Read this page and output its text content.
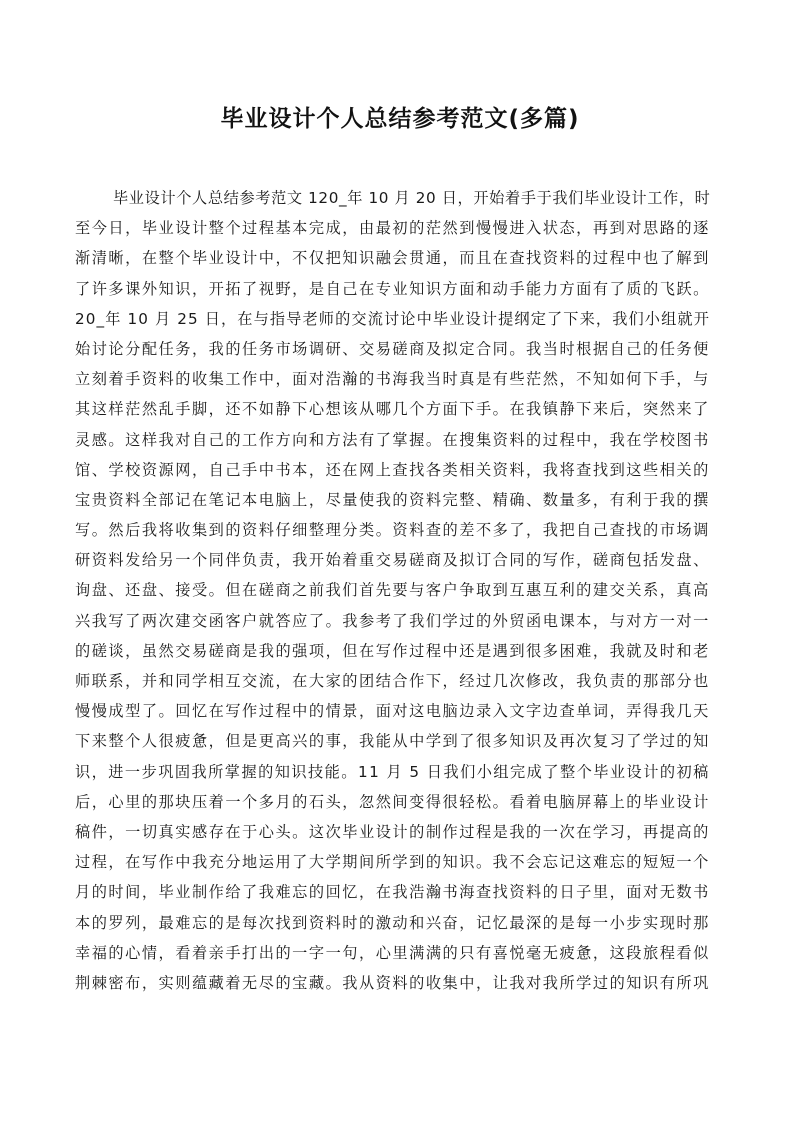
毕业设计个人总结参考范文(多篇)
毕业设计个人总结参考范文 120_年 10 月 20 日，开始着手于我们毕业设计工作，时
至今日，毕业设计整个过程基本完成，由最初的茫然到慢慢进入状态，再到对思路的逐
渐清晰，在整个毕业设计中，不仅把知识融会贯通，而且在查找资料的过程中也了解到
了许多课外知识，开拓了视野，是自己在专业知识方面和动手能力方面有了质的飞跃。
20_年 10 月 25 日，在与指导老师的交流讨论中毕业设计提纲定了下来，我们小组就开
始讨论分配任务，我的任务市场调研、交易磋商及拟定合同。我当时根据自己的任务便
立刻着手资料的收集工作中，面对浩瀚的书海我当时真是有些茫然，不知如何下手，与
其这样茫然乱手脚，还不如静下心想该从哪几个方面下手。在我镇静下来后，突然来了
灵感。这样我对自己的工作方向和方法有了掌握。在搜集资料的过程中，我在学校图书
馆、学校资源网，自己手中书本，还在网上查找各类相关资料，我将查找到这些相关的
宝贵资料全部记在笔记本电脑上，尽量使我的资料完整、精确、数量多，有利于我的撰
写。然后我将收集到的资料仔细整理分类。资料查的差不多了，我把自己查找的市场调
研资料发给另一个同伴负责，我开始着重交易磋商及拟订合同的写作，磋商包括发盘、
询盘、还盘、接受。但在磋商之前我们首先要与客户争取到互惠互利的建交关系，真高
兴我写了两次建交函客户就答应了。我参考了我们学过的外贸函电课本，与对方一对一
的磋谈，虽然交易磋商是我的强项，但在写作过程中还是遇到很多困难，我就及时和老
师联系，并和同学相互交流，在大家的团结合作下，经过几次修改，我负责的那部分也
慢慢成型了。回忆在写作过程中的情景，面对这电脑边录入文字边查单词，弄得我几天
下来整个人很疲惫，但是更高兴的事，我能从中学到了很多知识及再次复习了学过的知
识，进一步巩固我所掌握的知识技能。11 月 5 日我们小组完成了整个毕业设计的初稿
后，心里的那块压着一个多月的石头，忽然间变得很轻松。看着电脑屏幕上的毕业设计
稿件，一切真实感存在于心头。这次毕业设计的制作过程是我的一次在学习，再提高的
过程，在写作中我充分地运用了大学期间所学到的知识。我不会忘记这难忘的短短一个
月的时间，毕业制作给了我难忘的回忆，在我浩瀚书海查找资料的日子里，面对无数书
本的罗列，最难忘的是每次找到资料时的激动和兴奋，记忆最深的是每一小步实现时那
幸福的心情，看着亲手打出的一字一句，心里满满的只有喜悦毫无疲惫，这段旅程看似
荆棘密布，实则蕴藏着无尽的宝藏。我从资料的收集中，让我对我所学过的知识有所巩
